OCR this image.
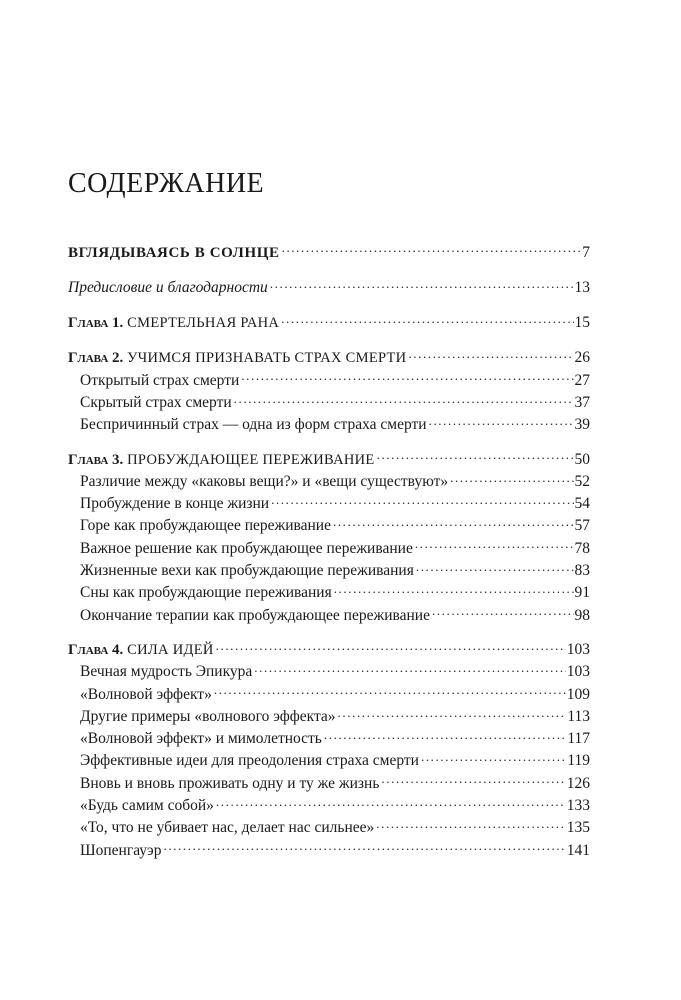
СОДЕРЖАНИЕ
ВГЛЯДЫВАЯСЬ В СОЛНЦЕ .....	7
Предисловие и благодарности .....	13
Глава 1. СМЕРТЕЛЬНАЯ РАНА .....	15
Глава 2. УЧИМСЯ ПРИЗНАВАТЬ СТРАХ СМЕРТИ .....	26
Открытый страх смерти .....	27
Скрытый страх смерти .....	37
Беспричинный страх — одна из форм страха смерти .....	39
Глава 3. ПРОБУЖДАЮЩЕЕ ПЕРЕЖИВАНИЕ .....	50
Различие между «каковы вещи?» и «вещи существуют» .....	52
Пробуждение в конце жизни .....	54
Горе как пробуждающее переживание .....	57
Важное решение как пробуждающее переживание .....	78
Жизненные вехи как пробуждающие переживания .....	83
Сны как пробуждающие переживания .....	91
Окончание терапии как пробуждающее переживание .....	98
Глава 4. СИЛА ИДЕЙ .....	103
Вечная мудрость Эпикура .....	103
«Волновой эффект» .....	109
Другие примеры «волнового эффекта» .....	113
«Волновой эффект» и мимолетность .....	117
Эффективные идеи для преодоления страха смерти .....	119
Вновь и вновь проживать одну и ту же жизнь .....	126
«Будь самим собой» .....	133
«То, что не убивает нас, делает нас сильнее» .....	135
Шопенгауэр .....	141
